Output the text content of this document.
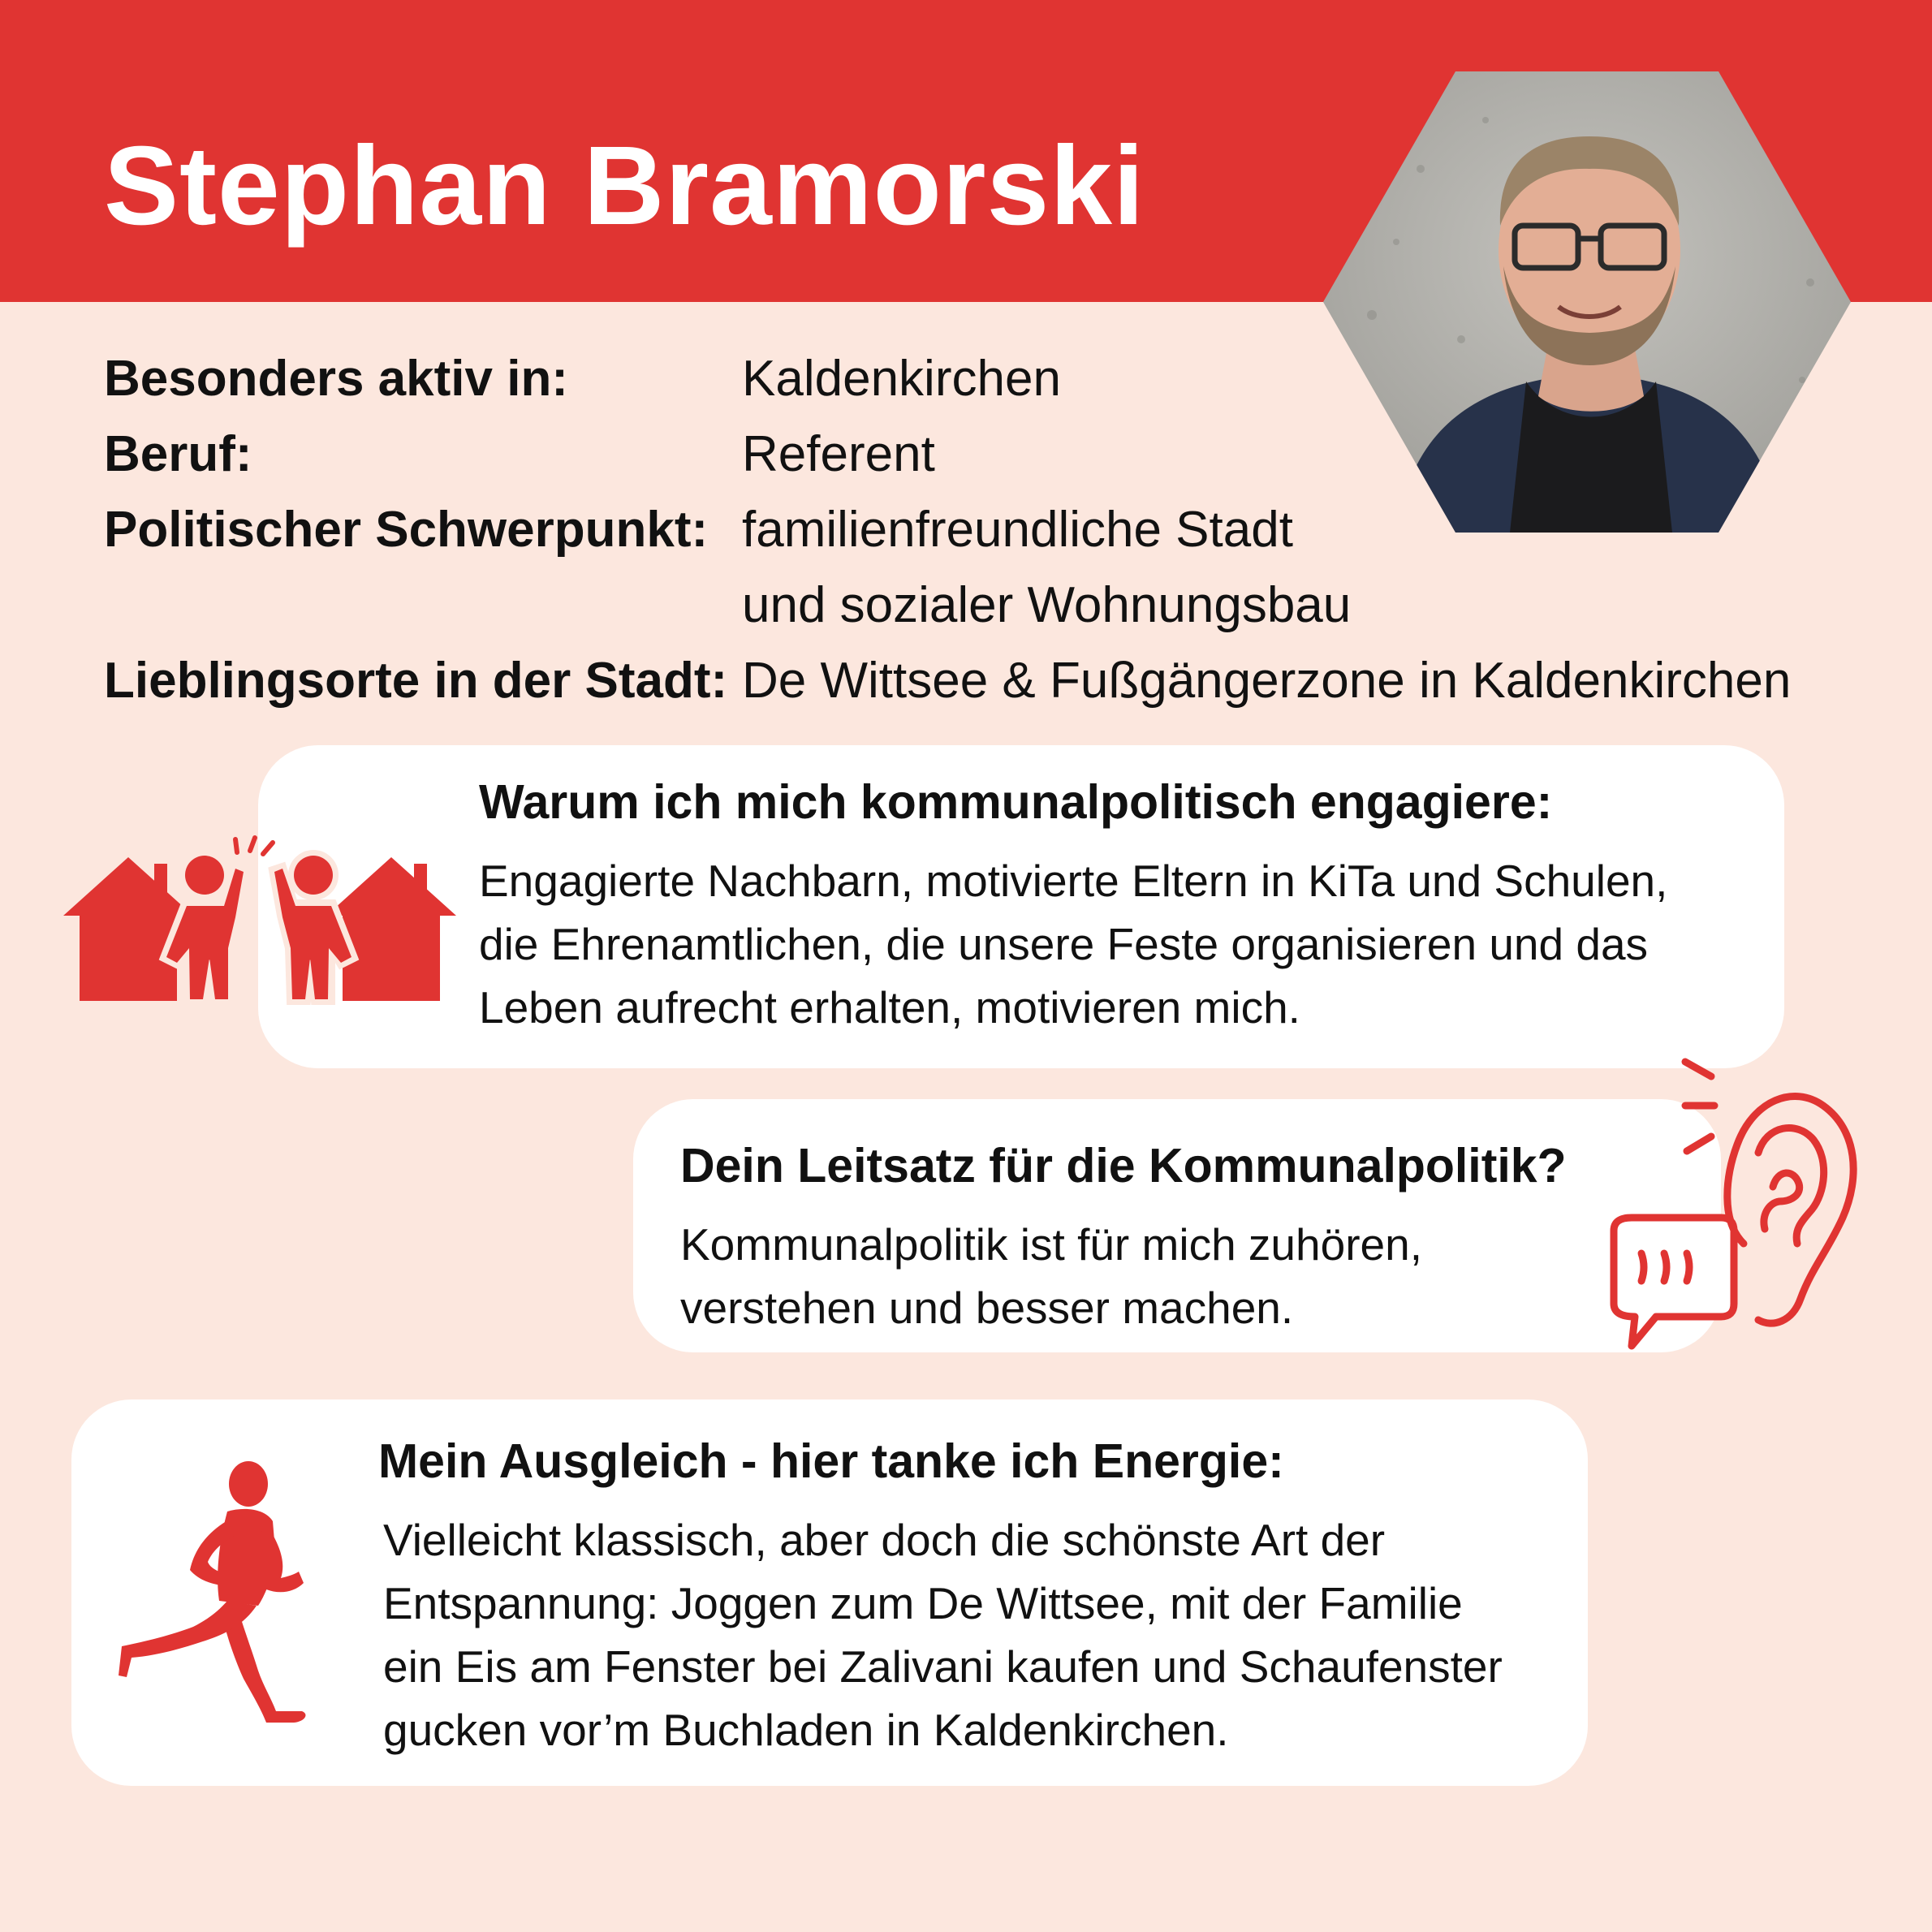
Stephan Bramorski
Besonders aktiv in:	Kaldenkirchen
Beruf:	Referent
Politischer Schwerpunkt: familienfreundliche Stadt
und sozialer Wohnungsbau
Lieblingsorte in der Stadt: De Wittsee & Fußgängerzone in Kaldenkirchen
Warum ich mich kommunalpolitisch engagiere:
Engagierte Nachbarn, motivierte Eltern in KiTa und Schulen,
die Ehrenamtlichen, die unsere Feste organisieren und das
Leben aufrecht erhalten, motivieren mich.
Dein Leitsatz für die Kommunalpolitik?
Kommunalpolitik ist für mich zuhören,
verstehen und besser machen.
Mein Ausgleich - hier tanke ich Energie:
Vielleicht klassisch, aber doch die schönste Art der
Entspannung: Joggen zum De Wittsee, mit der Familie
ein Eis am Fenster bei Zalivani kaufen und Schaufenster
gucken vor’m Buchladen in Kaldenkirchen.
